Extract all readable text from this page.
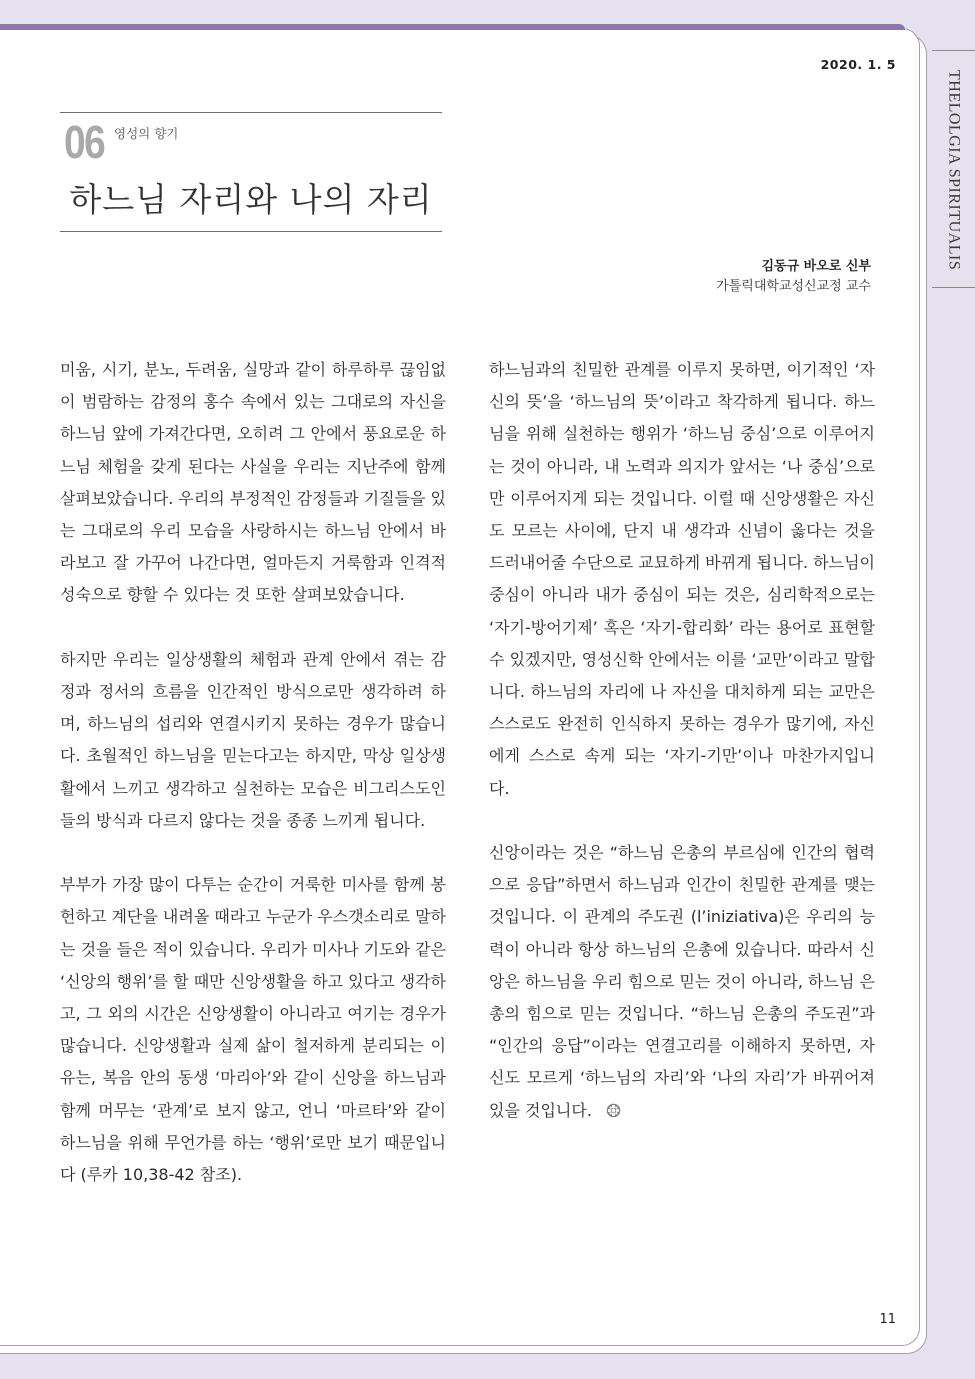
THELOLGIA SPIRITUALIS
2020. 1. 5
06 영성의 향기
하느님 자리와 나의 자리
김동규 바오로 신부
가톨릭대학교성신교정 교수

미움, 시기, 분노, 두려움, 실망과 같이 하루하루 끊임없이 범람하는 감정의 홍수 속에서 있는 그대로의 자신을 하느님 앞에 가져간다면, 오히려 그 안에서 풍요로운 하느님 체험을 갖게 된다는 사실을 우리는 지난주에 함께 살펴보았습니다. 우리의 부정적인 감정들과 기질들을 있는 그대로의 우리 모습을 사랑하시는 하느님 안에서 바라보고 잘 가꾸어 나간다면, 얼마든지 거룩함과 인격적 성숙으로 향할 수 있다는 것 또한 살펴보았습니다.

하지만 우리는 일상생활의 체험과 관계 안에서 겪는 감정과 정서의 흐름을 인간적인 방식으로만 생각하려 하며, 하느님의 섭리와 연결시키지 못하는 경우가 많습니다. 초월적인 하느님을 믿는다고는 하지만, 막상 일상생활에서 느끼고 생각하고 실천하는 모습은 비그리스도인들의 방식과 다르지 않다는 것을 종종 느끼게 됩니다.

부부가 가장 많이 다투는 순간이 거룩한 미사를 함께 봉헌하고 계단을 내려올 때라고 누군가 우스갯소리로 말하는 것을 들은 적이 있습니다. 우리가 미사나 기도와 같은 ‘신앙의 행위’를 할 때만 신앙생활을 하고 있다고 생각하고, 그 외의 시간은 신앙생활이 아니라고 여기는 경우가 많습니다. 신앙생활과 실제 삶이 철저하게 분리되는 이유는, 복음 안의 동생 ‘마리아’와 같이 신앙을 하느님과 함께 머무는 ‘관계’로 보지 않고, 언니 ‘마르타’와 같이 하느님을 위해 무언가를 하는 ‘행위’로만 보기 때문입니다 (루카 10,38-42 참조).

하느님과의 친밀한 관계를 이루지 못하면, 이기적인 ‘자신의 뜻’을 ‘하느님의 뜻’이라고 착각하게 됩니다. 하느님을 위해 실천하는 행위가 ‘하느님 중심’으로 이루어지는 것이 아니라, 내 노력과 의지가 앞서는 ‘나 중심’으로만 이루어지게 되는 것입니다. 이럴 때 신앙생활은 자신도 모르는 사이에, 단지 내 생각과 신념이 옳다는 것을 드러내어줄 수단으로 교묘하게 바뀌게 됩니다. 하느님이 중심이 아니라 내가 중심이 되는 것은, 심리학적으로는 ‘자기-방어기제’ 혹은 ‘자기-합리화’ 라는 용어로 표현할 수 있겠지만, 영성신학 안에서는 이를 ‘교만’이라고 말합니다. 하느님의 자리에 나 자신을 대치하게 되는 교만은 스스로도 완전히 인식하지 못하는 경우가 많기에, 자신에게 스스로 속게 되는 ‘자기-기만’이나 마찬가지입니다.

신앙이라는 것은 “하느님 은총의 부르심에 인간의 협력으로 응답”하면서 하느님과 인간이 친밀한 관계를 맺는 것입니다. 이 관계의 주도권 (l’iniziativa)은 우리의 능력이 아니라 항상 하느님의 은총에 있습니다. 따라서 신앙은 하느님을 우리 힘으로 믿는 것이 아니라, 하느님 은총의 힘으로 믿는 것입니다. “하느님 은총의 주도권”과 “인간의 응답”이라는 연결고리를 이해하지 못하면, 자신도 모르게 ‘하느님의 자리’와 ‘나의 자리’가 바뀌어져 있을 것입니다.

11
